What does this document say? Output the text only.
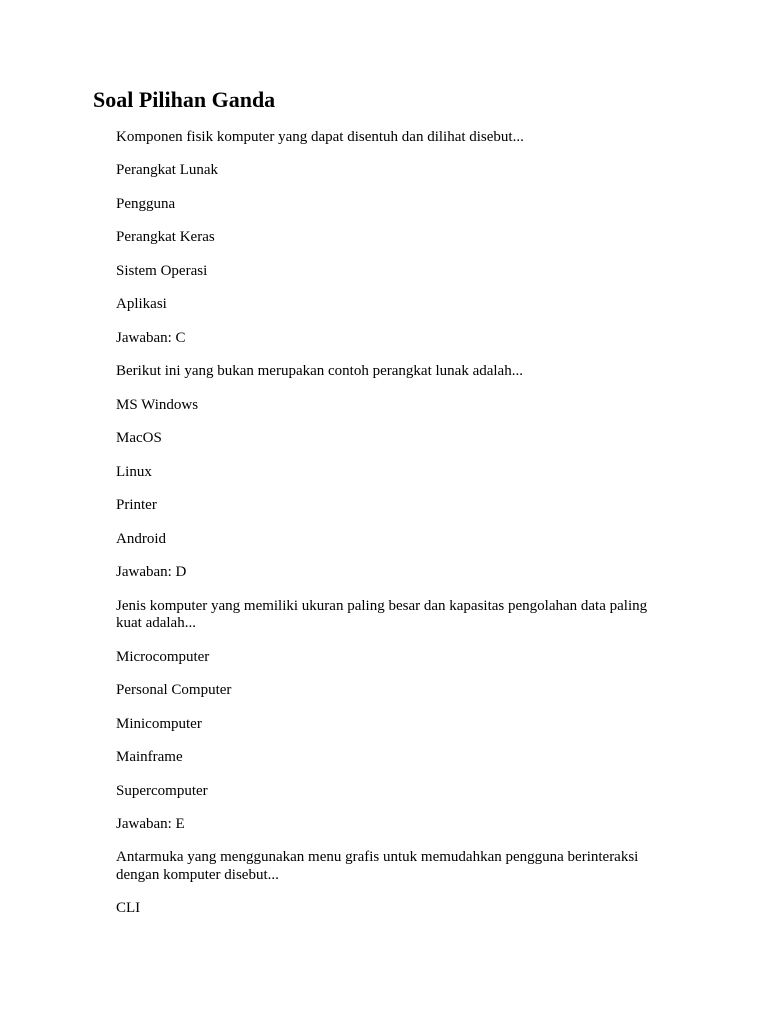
Soal Pilihan Ganda

Komponen fisik komputer yang dapat disentuh dan dilihat disebut...

Perangkat Lunak

Pengguna

Perangkat Keras

Sistem Operasi

Aplikasi

Jawaban: C

Berikut ini yang bukan merupakan contoh perangkat lunak adalah...

MS Windows

MacOS

Linux

Printer

Android

Jawaban: D

Jenis komputer yang memiliki ukuran paling besar dan kapasitas pengolahan data paling kuat adalah...

Microcomputer

Personal Computer

Minicomputer

Mainframe

Supercomputer

Jawaban: E

Antarmuka yang menggunakan menu grafis untuk memudahkan pengguna berinteraksi dengan komputer disebut...

CLI
